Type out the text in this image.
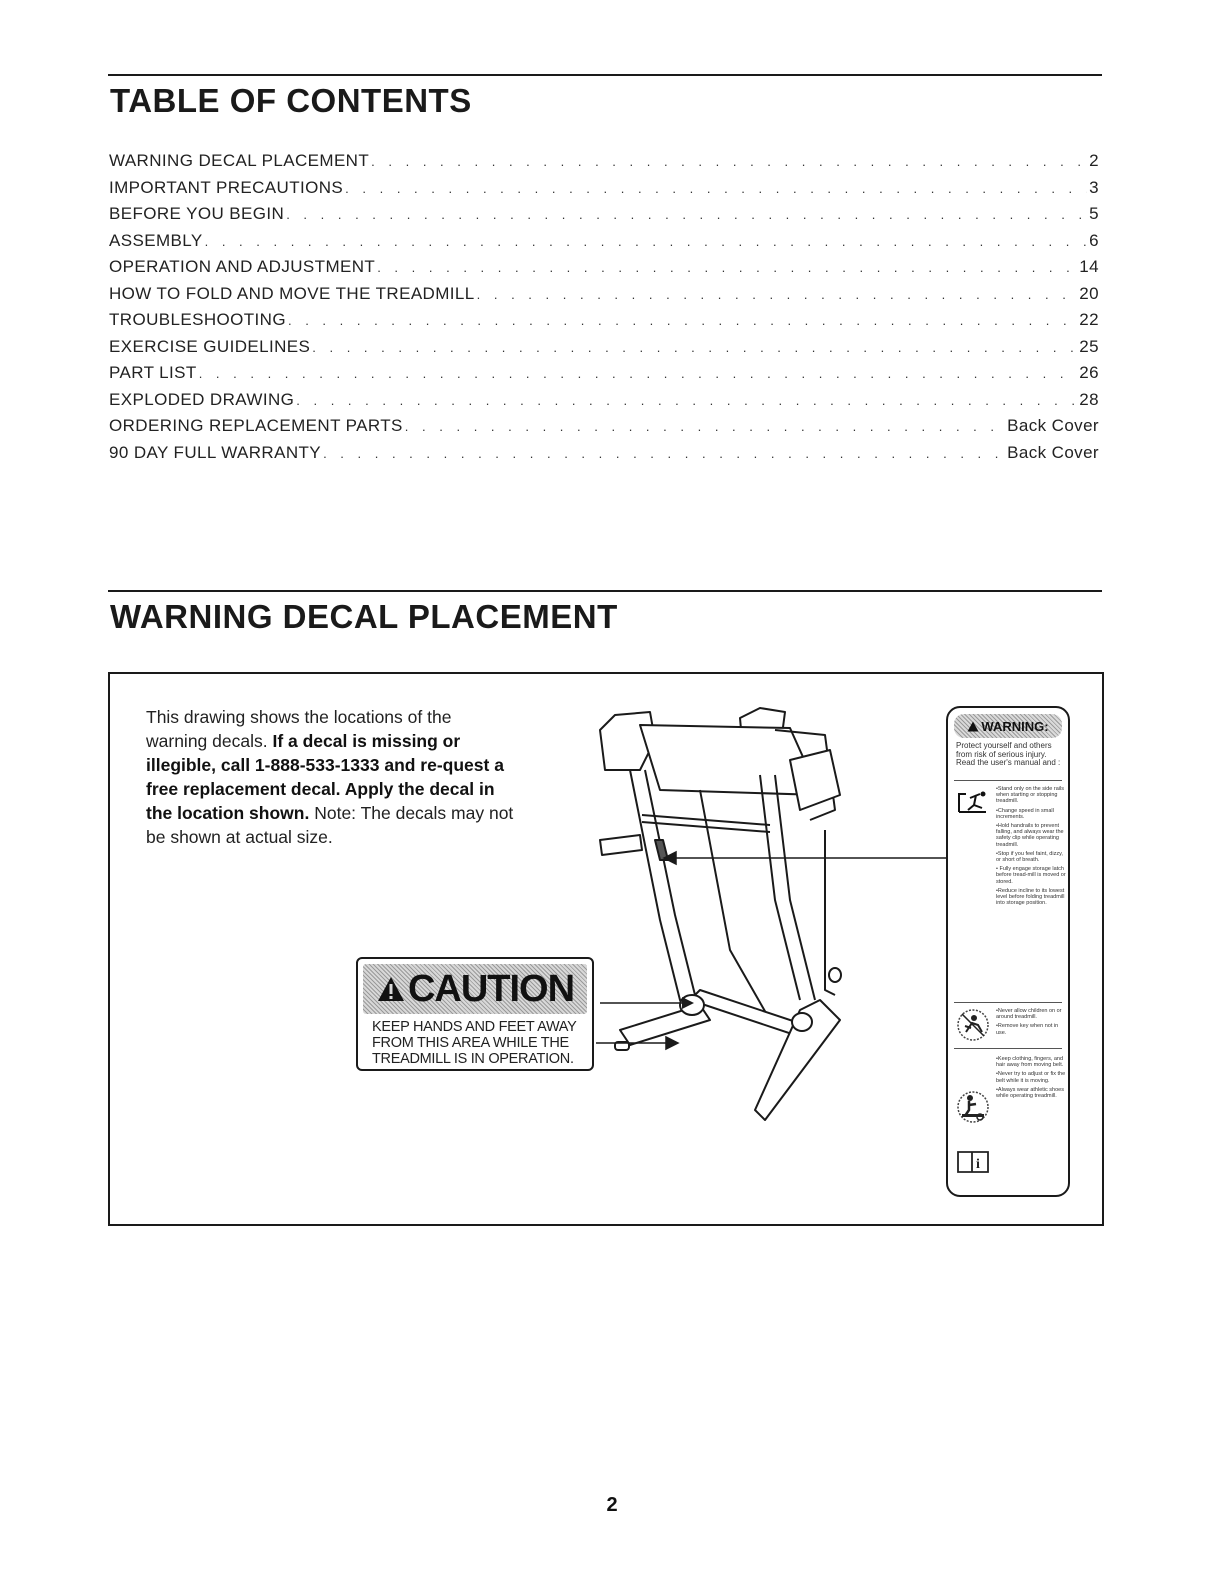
TABLE OF CONTENTS
WARNING DECAL PLACEMENT . . .	2
IMPORTANT PRECAUTIONS . . .	3
BEFORE YOU BEGIN . . .	5
ASSEMBLY . . .	6
OPERATION AND ADJUSTMENT . . .	14
HOW TO FOLD AND MOVE THE TREADMILL . . .	20
TROUBLESHOOTING . . .	22
EXERCISE GUIDELINES . . .	25
PART LIST . . .	26
EXPLODED DRAWING . . .	28
ORDERING REPLACEMENT PARTS . . .	Back Cover
90 DAY FULL WARRANTY . . .	Back Cover
WARNING DECAL PLACEMENT
This drawing shows the locations of the warning decals. If a decal is missing or illegible, call 1-888-533-1333 and re-quest a free replacement decal. Apply the decal in the location shown. Note: The decals may not be shown at actual size.
CAUTION
KEEP HANDS AND FEET AWAY FROM THIS AREA WHILE THE TREADMILL IS IN OPERATION.
WARNING:
Protect yourself and others from risk of serious injury. Read the user's manual and :

•Stand only on the side rails when starting or stopping treadmill.

•Change speed in small increments.

•Hold handrails to prevent falling, and always wear the safety clip while operating treadmill.

•Stop if you feel faint, dizzy, or short of breath.

• Fully engage storage latch before tread-mill is moved or stored.

•Reduce incline to its lowest level before folding treadmill into storage position.

•Never allow children on or around treadmill.

•Remove key when not in use.

•Keep clothing, fingers, and hair away from moving belt.

•Never try to adjust or fix the belt while it is moving.

•Always wear athletic shoes while operating treadmill.

i
2
